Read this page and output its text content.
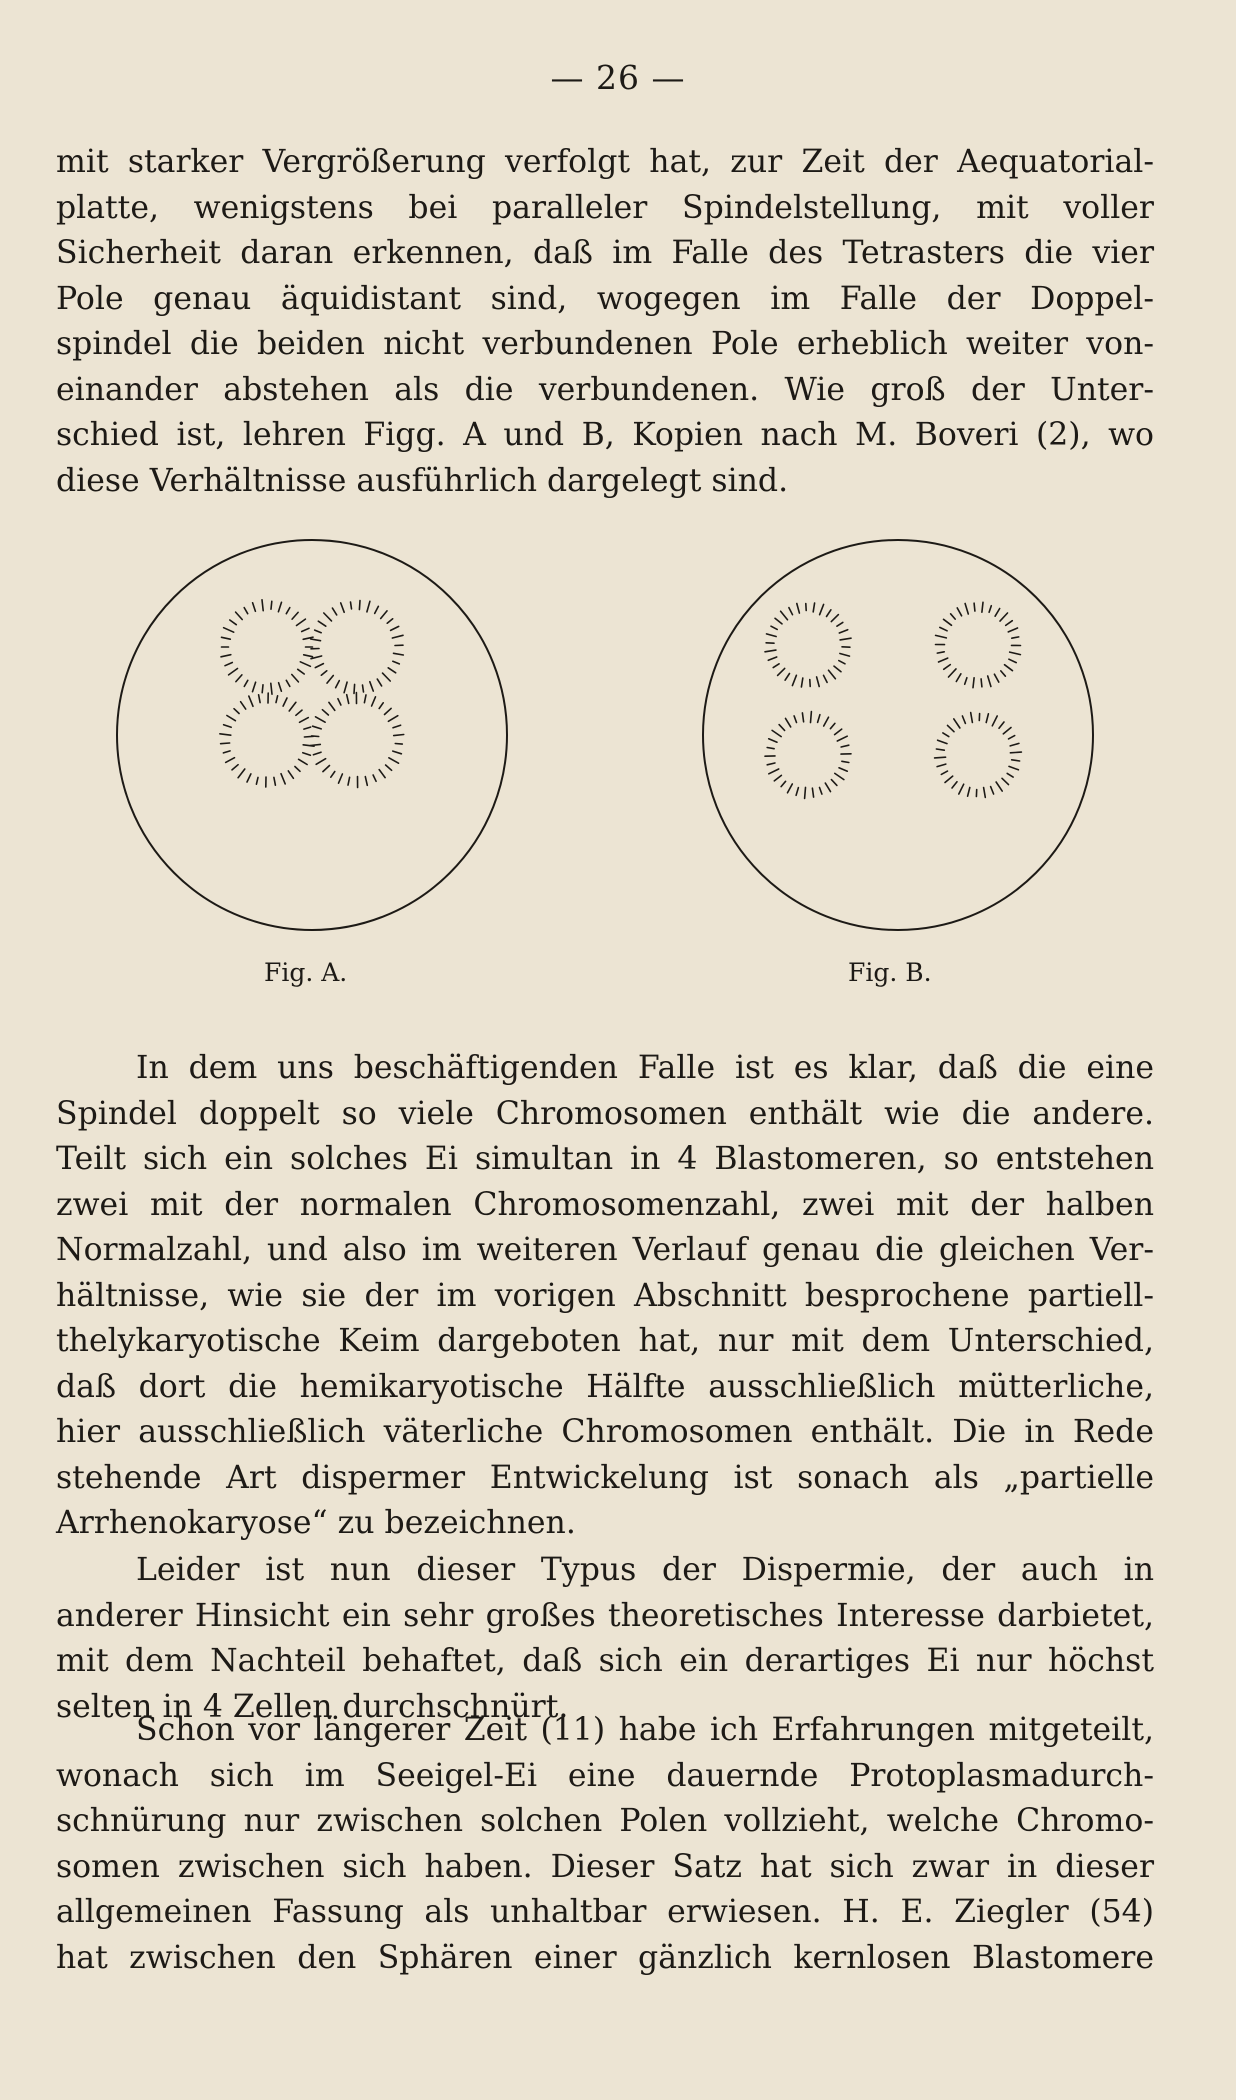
— 26 —
mit starker Vergrößerung verfolgt hat, zur Zeit der Aequatorial-
platte, wenigstens bei paralleler Spindelstellung, mit voller
Sicherheit daran erkennen, daß im Falle des Tetrasters die vier
Pole genau äquidistant sind, wogegen im Falle der Doppel-
spindel die beiden nicht verbundenen Pole erheblich weiter von-
einander abstehen als die verbundenen. Wie groß der Unter-
schied ist, lehren Figg. A und B, Kopien nach M. Boveri (2), wo
diese Verhältnisse ausführlich dargelegt sind.
Fig. A.	Fig. B.
In dem uns beschäftigenden Falle ist es klar, daß die eine
Spindel doppelt so viele Chromosomen enthält wie die andere.
Teilt sich ein solches Ei simultan in 4 Blastomeren, so entstehen
zwei mit der normalen Chromosomenzahl, zwei mit der halben
Normalzahl, und also im weiteren Verlauf genau die gleichen Ver-
hältnisse, wie sie der im vorigen Abschnitt besprochene partiell-
thelykaryotische Keim dargeboten hat, nur mit dem Unterschied,
daß dort die hemikaryotische Hälfte ausschließlich mütterliche,
hier ausschließlich väterliche Chromosomen enthält. Die in Rede
stehende Art dispermer Entwickelung ist sonach als „partielle
Arrhenokaryose“ zu bezeichnen.
Leider ist nun dieser Typus der Dispermie, der auch in
anderer Hinsicht ein sehr großes theoretisches Interesse darbietet,
mit dem Nachteil behaftet, daß sich ein derartiges Ei nur höchst
selten in 4 Zellen durchschnürt.
Schon vor längerer Zeit (11) habe ich Erfahrungen mitgeteilt,
wonach sich im Seeigel-Ei eine dauernde Protoplasmadurch-
schnürung nur zwischen solchen Polen vollzieht, welche Chromo-
somen zwischen sich haben. Dieser Satz hat sich zwar in dieser
allgemeinen Fassung als unhaltbar erwiesen. H. E. Ziegler (54)
hat zwischen den Sphären einer gänzlich kernlosen Blastomere
